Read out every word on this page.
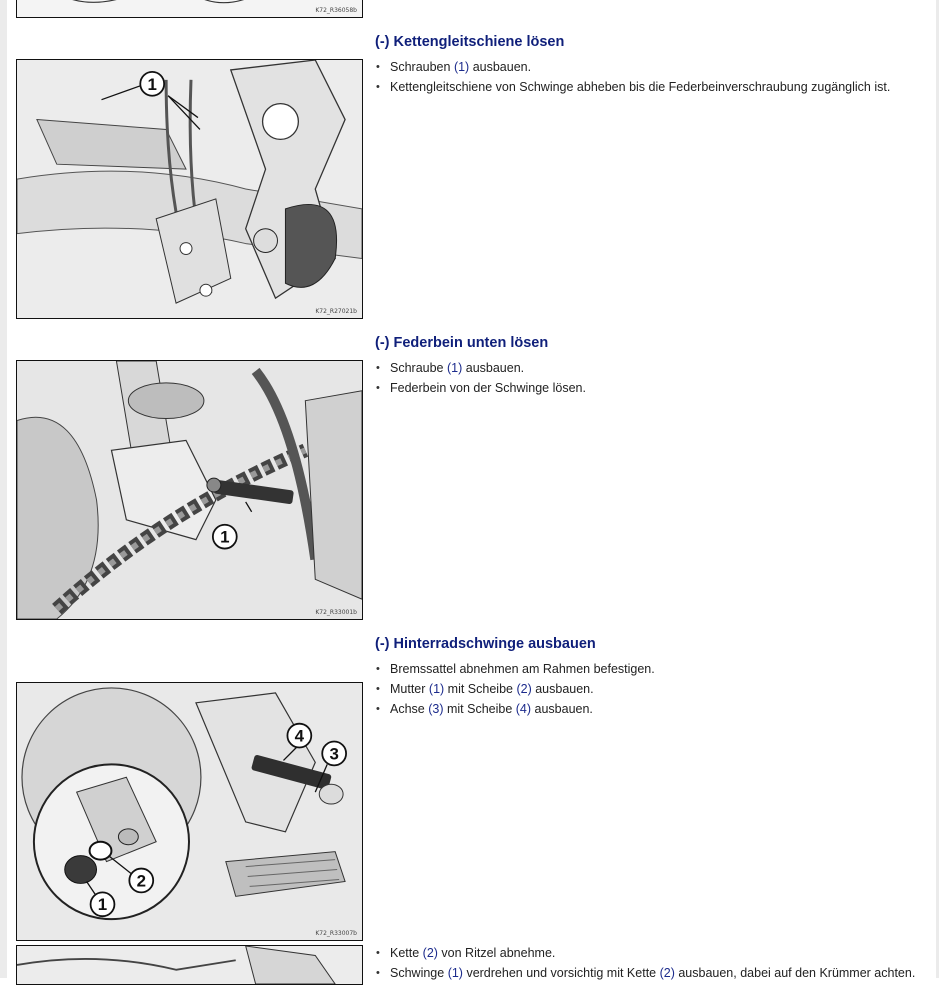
K72_R36058b
1
K72_R27021b
(-) Kettengleitschiene lösen
• Schrauben (1) ausbauen.
• Kettengleitschiene von Schwinge abheben bis die Federbeinverschraubung zugänglich ist.
1
K72_R33001b
(-) Federbein unten lösen
• Schraube (1) ausbauen.
• Federbein von der Schwinge lösen.
4
3
2
1
K72_R33007b
(-) Hinterradschwinge ausbauen
• Bremssattel abnehmen am Rahmen befestigen.
• Mutter (1) mit Scheibe (2) ausbauen.
• Achse (3) mit Scheibe (4) ausbauen.
• Kette (2) von Ritzel abnehme.
• Schwinge (1) verdrehen und vorsichtig mit Kette (2) ausbauen, dabei auf den Krümmer achten.
